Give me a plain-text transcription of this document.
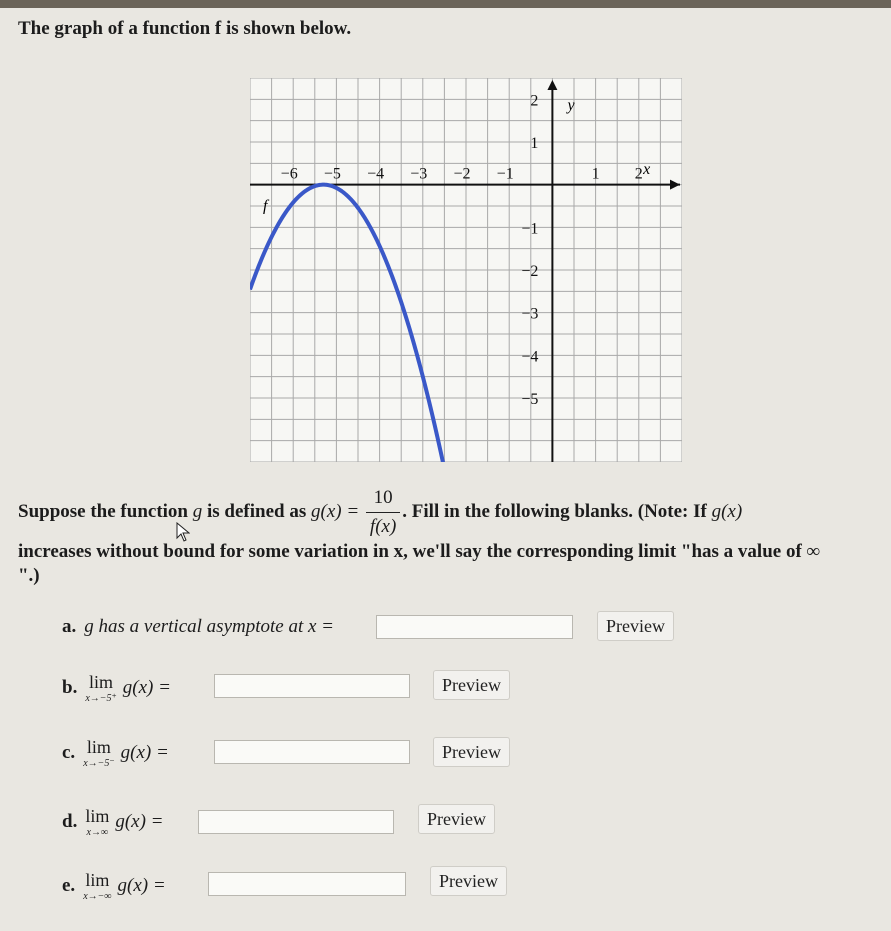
The graph of a function f is shown below.
−6 −5 −4 −3 −2 −1	1 2
2
1
−1
−2
−3
−4
−5
f
x
y
Suppose the function g is defined as $g(x) = \frac{10}{f(x)}$ . Fill in the following blanks. (Note: If g(x)
increases without bound for some variation in x, we'll say the corresponding limit "has a value of ∞
".)
a. g has a vertical asymptote at x =	Preview
b. lim
x→−5⁺ g(x) =	Preview
c. lim
x→−5⁻ g(x) =	Preview
d. lim
x→∞ g(x) =	Preview
e. lim
x→−∞ g(x) =	Preview
